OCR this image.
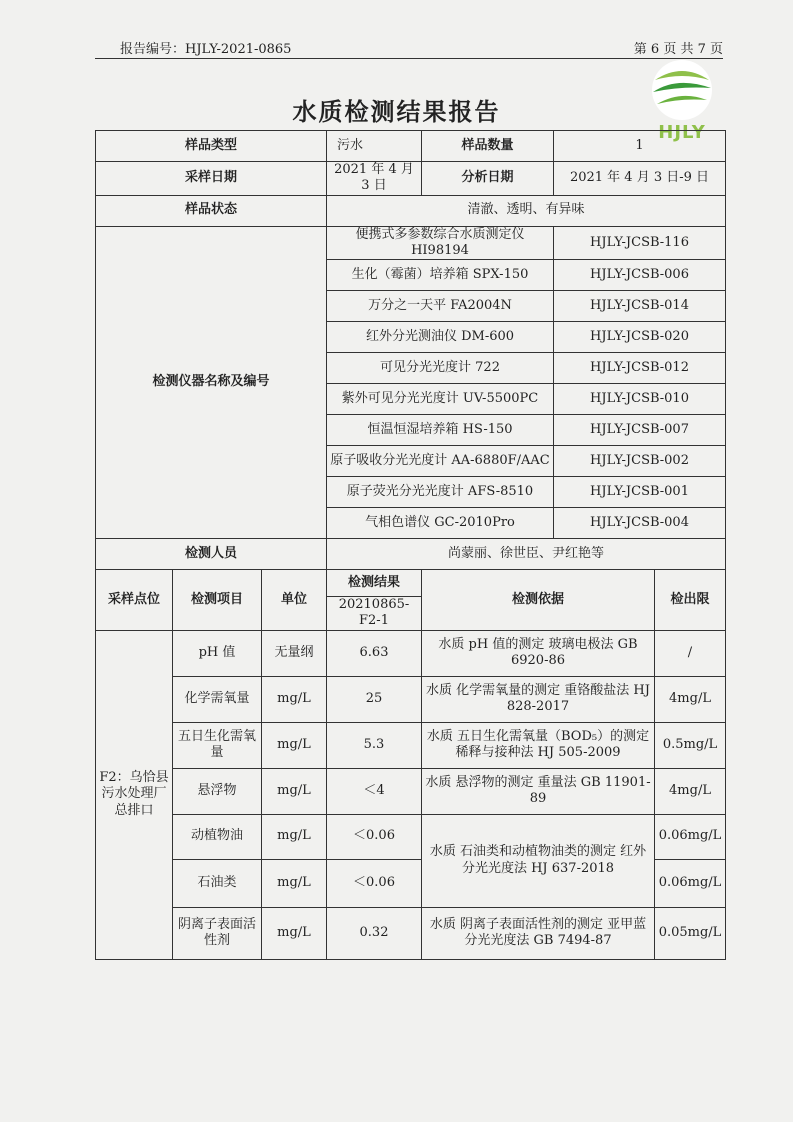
报告编号：HJLY-2021-0865	第 6 页 共 7 页
HJLY
水质检测结果报告
样品类型			污水	样品数量	1	
采样日期			2021 年 4 月 3 日	分析日期	2021 年 4 月 3 日-9 日	
样品状态			清澈、透明、有异味			
检测仪器名称及编号			便携式多参数综合水质测定仪 HI98194		HJLY-JCSB-116	
			生化（霉菌）培养箱 SPX-150		HJLY-JCSB-006	
			万分之一天平 FA2004N		HJLY-JCSB-014	
			红外分光测油仪 DM-600		HJLY-JCSB-020	
			可见分光光度计 722		HJLY-JCSB-012	
			紫外可见分光光度计 UV-5500PC		HJLY-JCSB-010	
			恒温恒湿培养箱 HS-150		HJLY-JCSB-007	
			原子吸收分光光度计 AA-6880F/AAC		HJLY-JCSB-002	
			原子荧光分光光度计 AFS-8510		HJLY-JCSB-001	
			气相色谱仪 GC-2010Pro		HJLY-JCSB-004	
检测人员			尚蒙丽、徐世臣、尹红艳等			
采样点位	检测项目	单位	检测结果	检测依据		检出限
			20210865-F2-1			
F2：乌恰县污水处理厂总排口	pH 值	无量纲	6.63	水质 pH 值的测定 玻璃电极法 GB 6920-86		/
	化学需氧量	mg/L	25	水质 化学需氧量的测定 重铬酸盐法 HJ 828-2017		4mg/L
	五日生化需氧量	mg/L	5.3	水质 五日生化需氧量（BOD₅）的测定 稀释与接种法 HJ 505-2009		0.5mg/L
	悬浮物	mg/L	＜4	水质 悬浮物的测定 重量法 GB 11901-89		4mg/L
	动植物油	mg/L	＜0.06	水质 石油类和动植物油类的测定 红外分光光度法 HJ 637-2018		0.06mg/L
	石油类	mg/L	＜0.06			0.06mg/L
	阴离子表面活性剂	mg/L	0.32	水质 阴离子表面活性剂的测定 亚甲蓝分光光度法 GB 7494-87		0.05mg/L
